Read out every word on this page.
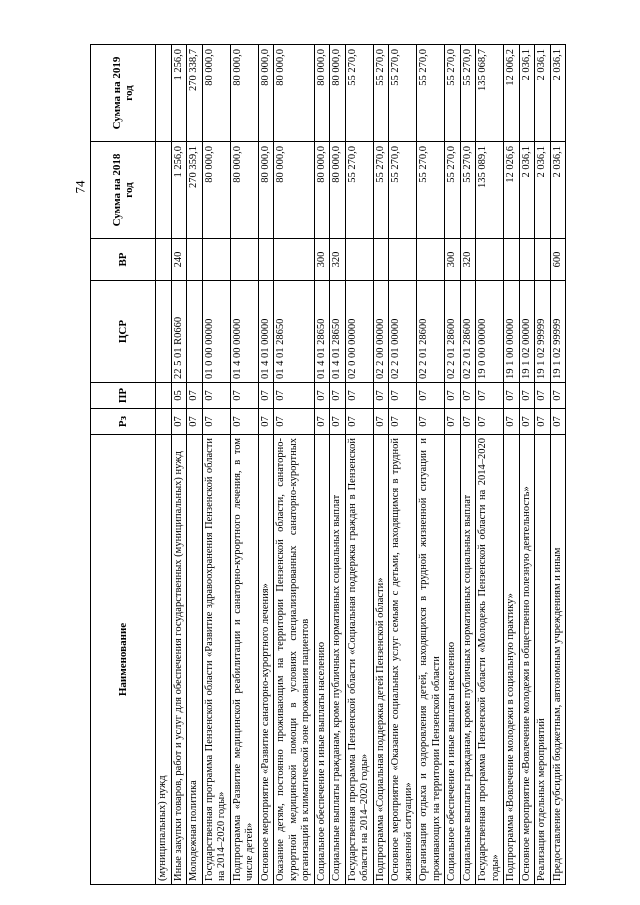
74
Наименование	Рз	ПР	ЦСР	ВР	Сумма на 2018 год	Сумма на 2019 год
(муниципальных) нужд						
Иные закупки товаров, работ и услуг для обеспечения государственных (муниципальных) нужд	07	05	22 5 01 R0660	240	1 256,0	1 256,0
Молодежная политика	07	07			270 359,1	270 338,7
Государственная программа Пензенской области «Развитие здравоохранения Пензенской области на 2014–2020 годы»	07	07	01 0 00 00000		80 000,0	80 000,0
Подпрограмма «Развитие медицинской реабилитации и санаторно-курортного лечения, в том числе детей»	07	07	01 4 00 00000		80 000,0	80 000,0
Основное мероприятие «Развитие санаторно-курортного лечения»	07	07	01 4 01 00000		80 000,0	80 000,0
Оказание детям, постоянно проживающим на территории Пензенской области, санаторно-курортной медицинской помощи в условиях специализированных санаторно-курортных организаций в климатической зоне проживания пациентов	07	07	01 4 01 28650		80 000,0	80 000,0
Социальное обеспечение и иные выплаты населению	07	07	01 4 01 28650	300	80 000,0	80 000,0
Социальные выплаты гражданам, кроме публичных нормативных социальных выплат	07	07	01 4 01 28650	320	80 000,0	80 000,0
Государственная программа Пензенской области «Социальная поддержка граждан в Пензенской области на 2014–2020 годы»	07	07	02 0 00 00000		55 270,0	55 270,0
Подпрограмма «Социальная поддержка детей Пензенской области»	07	07	02 2 00 00000		55 270,0	55 270,0
Основное мероприятие «Оказание социальных услуг семьям с детьми, находящимся в трудной жизненной ситуации»	07	07	02 2 01 00000		55 270,0	55 270,0
Организация отдыха и оздоровления детей, находящихся в трудной жизненной ситуации и проживающих на территории Пензенской области	07	07	02 2 01 28600		55 270,0	55 270,0
Социальное обеспечение и иные выплаты населению	07	07	02 2 01 28600	300	55 270,0	55 270,0
Социальные выплаты гражданам, кроме публичных нормативных социальных выплат	07	07	02 2 01 28600	320	55 270,0	55 270,0
Государственная программа Пензенской области «Молодежь Пензенской области на 2014–2020 годы»	07	07	19 0 00 00000		135 089,1	135 068,7
Подпрограмма «Вовлечение молодежи в социальную практику»	07	07	19 1 00 00000		12 026,6	12 006,2
Основное мероприятие «Вовлечение молодежи в общественно полезную деятельность»	07	07	19 1 02 00000		2 036,1	2 036,1
Реализация отдельных мероприятий	07	07	19 1 02 99999		2 036,1	2 036,1
Предоставление субсидий бюджетным, автономным учреждениям и иным	07	07	19 1 02 99999	600	2 036,1	2 036,1
